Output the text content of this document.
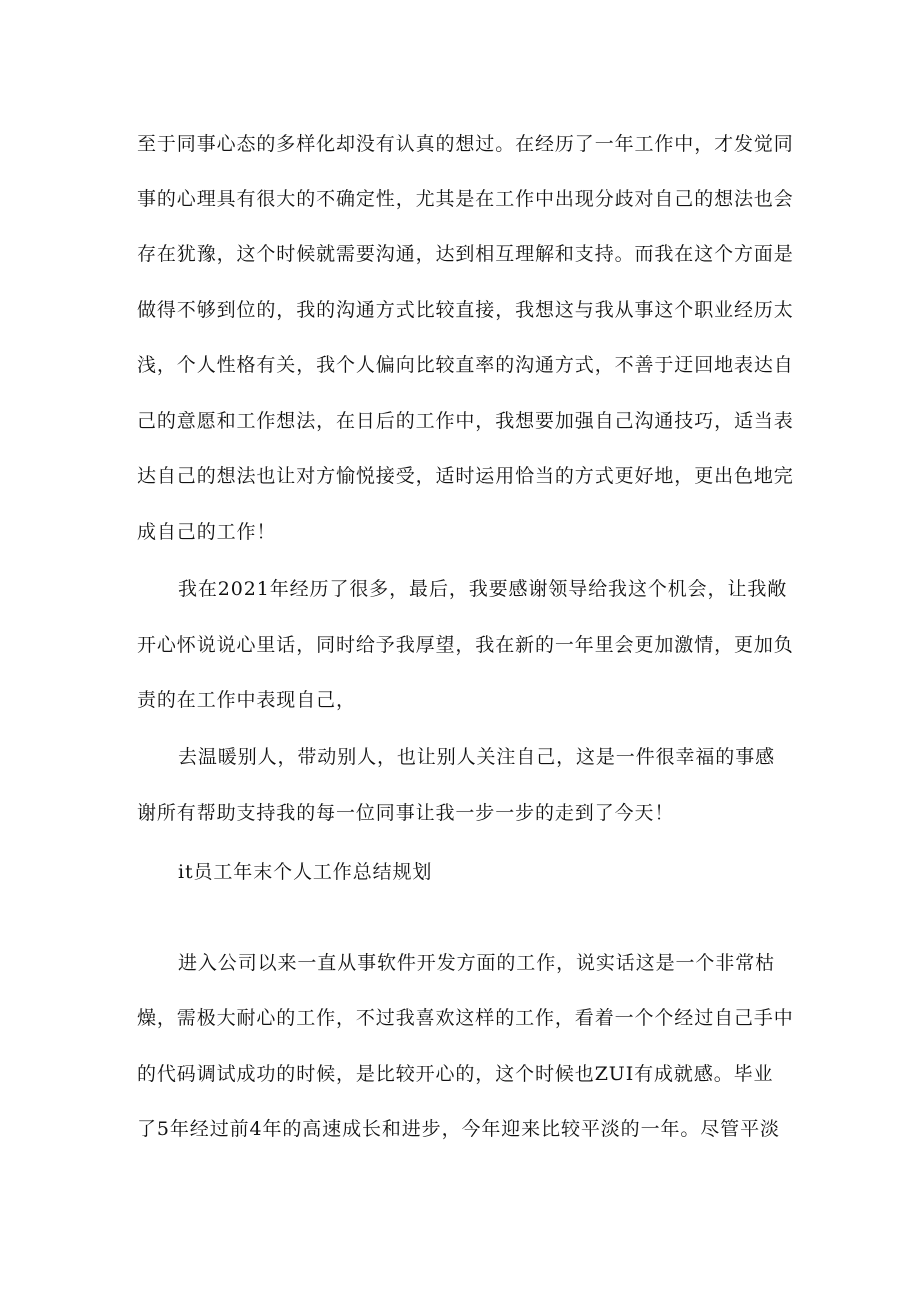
至于同事心态的多样化却没有认真的想过。在经历了一年工作中，才发觉同
事的心理具有很大的不确定性，尤其是在工作中出现分歧对自己的想法也会
存在犹豫，这个时候就需要沟通，达到相互理解和支持。而我在这个方面是
做得不够到位的，我的沟通方式比较直接，我想这与我从事这个职业经历太
浅，个人性格有关，我个人偏向比较直率的沟通方式，不善于迂回地表达自
己的意愿和工作想法，在日后的工作中，我想要加强自己沟通技巧，适当表
达自己的想法也让对方愉悦接受，适时运用恰当的方式更好地，更出色地完
成自己的工作！
我在2021年经历了很多，最后，我要感谢领导给我这个机会，让我敞
开心怀说说心里话，同时给予我厚望，我在新的一年里会更加激情，更加负
责的在工作中表现自己，
去温暖别人，带动别人，也让别人关注自己，这是一件很幸福的事感
谢所有帮助支持我的每一位同事让我一步一步的走到了今天！
it员工年末个人工作总结规划
进入公司以来一直从事软件开发方面的工作，说实话这是一个非常枯
燥，需极大耐心的工作，不过我喜欢这样的工作，看着一个个经过自己手中
的代码调试成功的时候，是比较开心的，这个时候也ZUI有成就感。毕业
了5年经过前4年的高速成长和进步，今年迎来比较平淡的一年。尽管平淡
